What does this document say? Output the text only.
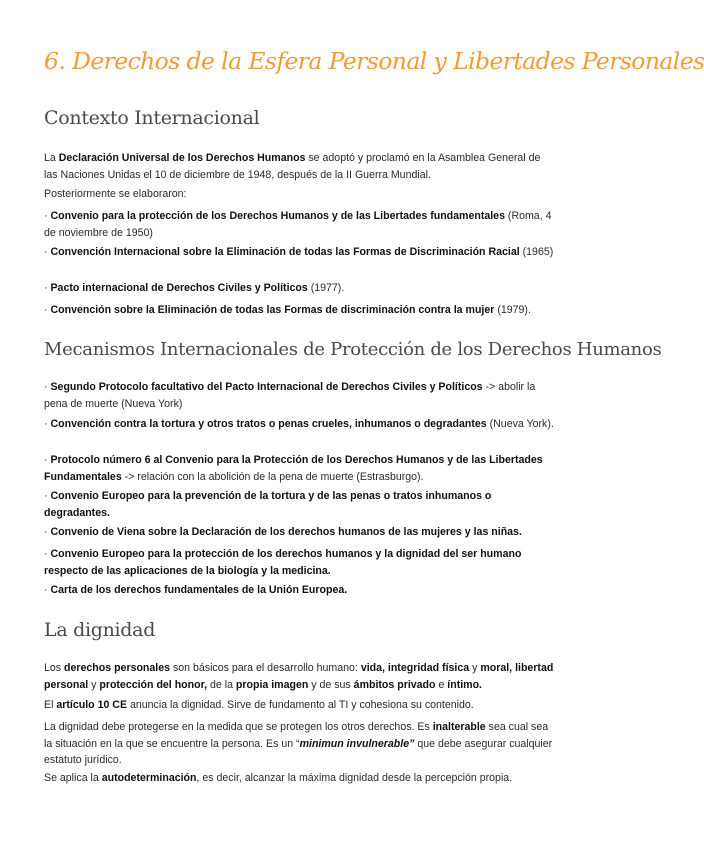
6. Derechos de la Esfera Personal y Libertades Personales
Contexto Internacional
La Declaración Universal de los Derechos Humanos se adoptó y proclamó en la Asamblea General de las Naciones Unidas el 10 de diciembre de 1948, después de la II Guerra Mundial.
Posteriormente se elaboraron:
· Convenio para la protección de los Derechos Humanos y de las Libertades fundamentales (Roma, 4 de noviembre de 1950)
· Convención Internacional sobre la Eliminación de todas las Formas de Discriminación Racial (1965)
· Pacto internacional de Derechos Civiles y Políticos (1977).
· Convención sobre la Eliminación de todas las Formas de discriminación contra la mujer (1979).
Mecanismos Internacionales de Protección de los Derechos Humanos
· Segundo Protocolo facultativo del Pacto Internacional de Derechos Civiles y Políticos -> abolir la pena de muerte (Nueva York)
· Convención contra la tortura y otros tratos o penas crueles, inhumanos o degradantes (Nueva York).
· Protocolo número 6 al Convenio para la Protección de los Derechos Humanos y de las Libertades Fundamentales -> relación con la abolición de la pena de muerte (Estrasburgo).
· Convenio Europeo para la prevención de la tortura y de las penas o tratos inhumanos o degradantes.
· Convenio de Viena sobre la Declaración de los derechos humanos de las mujeres y las niñas.
· Convenio Europeo para la protección de los derechos humanos y la dignidad del ser humano respecto de las aplicaciones de la biología y la medicina.
· Carta de los derechos fundamentales de la Unión Europea.
La dignidad
Los derechos personales son básicos para el desarrollo humano: vida, integridad física y moral, libertad personal y protección del honor, de la propia imagen y de sus ámbitos privado e íntimo.
El artículo 10 CE anuncia la dignidad. Sirve de fundamento al TI y cohesiona su contenido.
La dignidad debe protegerse en la medida que se protegen los otros derechos. Es inalterable sea cual sea la situación en la que se encuentre la persona. Es un “minimun invulnerable” que debe asegurar cualquier estatuto jurídico.
Se aplica la autodeterminación, es decir, alcanzar la máxima dignidad desde la percepción propia.
